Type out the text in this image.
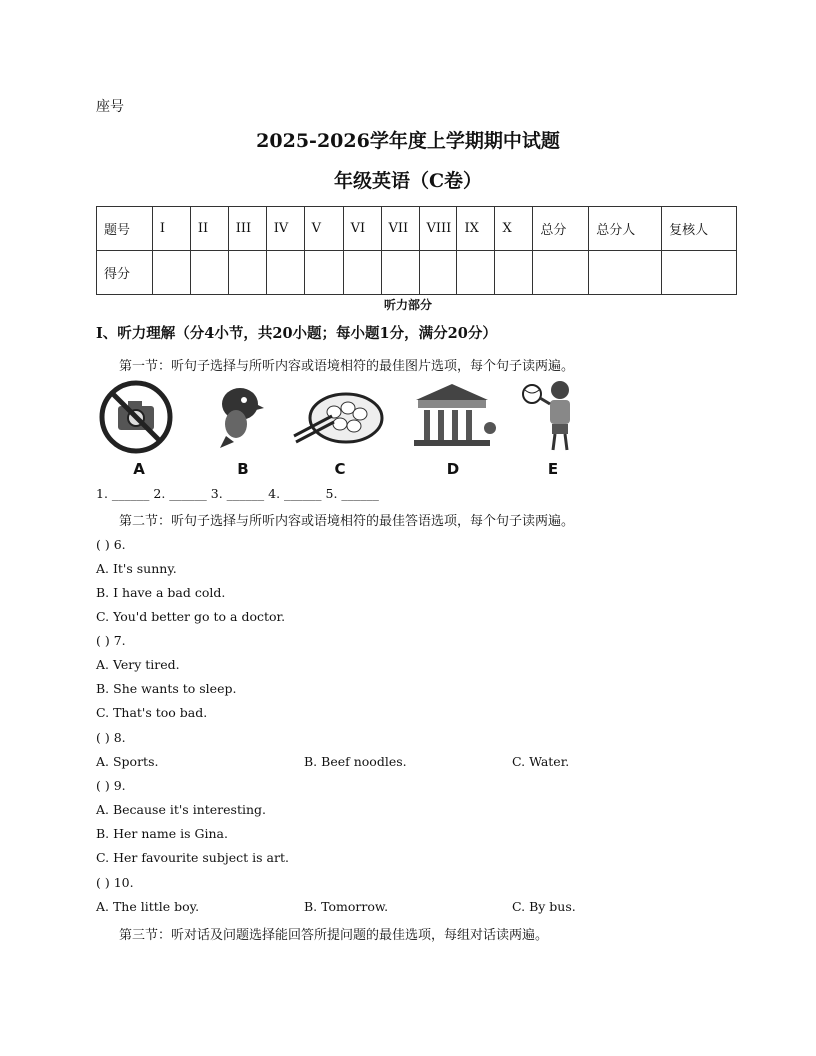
座号
2025-2026学年度上学期期中试题
年级英语（C卷）
题号	I	II	III	IV	V	VI	VII	VIII	IX	X	总分	总分人	复核人
得分													
听力部分
Ⅰ、听力理解（分4小节，共20小题；每小题1分，满分20分）
第一节：听句子选择与所听内容或语境相符的最佳图片选项，每个句子读两遍。
A	B	C	D	E
1. ______ 2. ______ 3. ______ 4. ______ 5. ______
第二节：听句子选择与所听内容或语境相符的最佳答语选项，每个句子读两遍。
( ) 6.
A. It's sunny.
B. I have a bad cold.
C. You'd better go to a doctor.
( ) 7.
A. Very tired.
B. She wants to sleep.
C. That's too bad.
( ) 8.
A. Sports.	B. Beef noodles.	C. Water.
( ) 9.
A. Because it's interesting.
B. Her name is Gina.
C. Her favourite subject is art.
( ) 10.
A. The little boy.	B. Tomorrow.	C. By bus.
第三节：听对话及问题选择能回答所提问题的最佳选项，每组对话读两遍。
